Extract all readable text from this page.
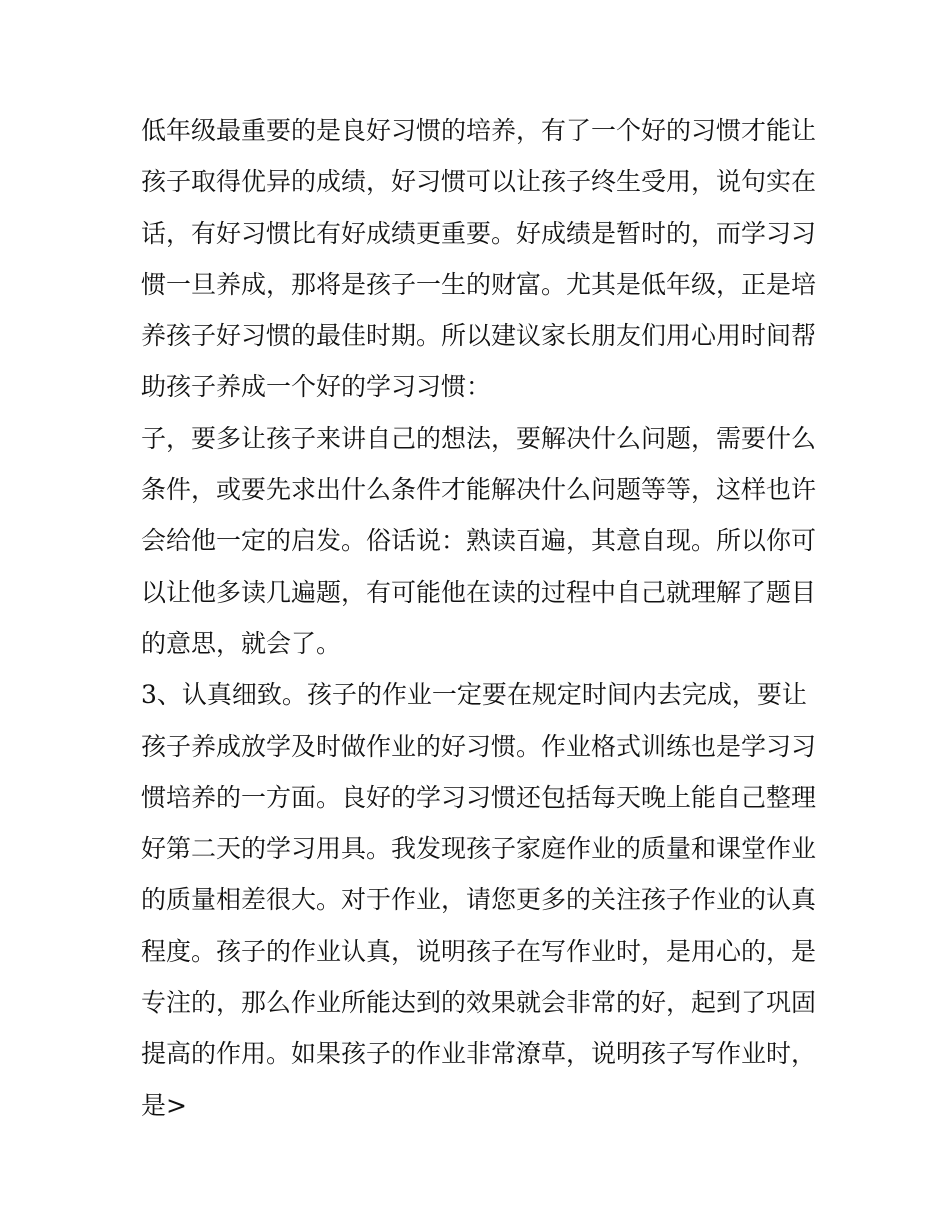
低年级最重要的是良好习惯的培养，有了一个好的习惯才能让
孩子取得优异的成绩，好习惯可以让孩子终生受用，说句实在
话，有好习惯比有好成绩更重要。好成绩是暂时的，而学习习
惯一旦养成，那将是孩子一生的财富。尤其是低年级，正是培
养孩子好习惯的最佳时期。所以建议家长朋友们用心用时间帮
助孩子养成一个好的学习习惯：
子，要多让孩子来讲自己的想法，要解决什么问题，需要什么
条件，或要先求出什么条件才能解决什么问题等等，这样也许
会给他一定的启发。俗话说：熟读百遍，其意自现。所以你可
以让他多读几遍题，有可能他在读的过程中自己就理解了题目
的意思，就会了。
3、认真细致。孩子的作业一定要在规定时间内去完成，要让
孩子养成放学及时做作业的好习惯。作业格式训练也是学习习
惯培养的一方面。良好的学习习惯还包括每天晚上能自己整理
好第二天的学习用具。我发现孩子家庭作业的质量和课堂作业
的质量相差很大。对于作业，请您更多的关注孩子作业的认真
程度。孩子的作业认真，说明孩子在写作业时，是用心的，是
专注的，那么作业所能达到的效果就会非常的好，起到了巩固
提高的作用。如果孩子的作业非常潦草，说明孩子写作业时，
是>
